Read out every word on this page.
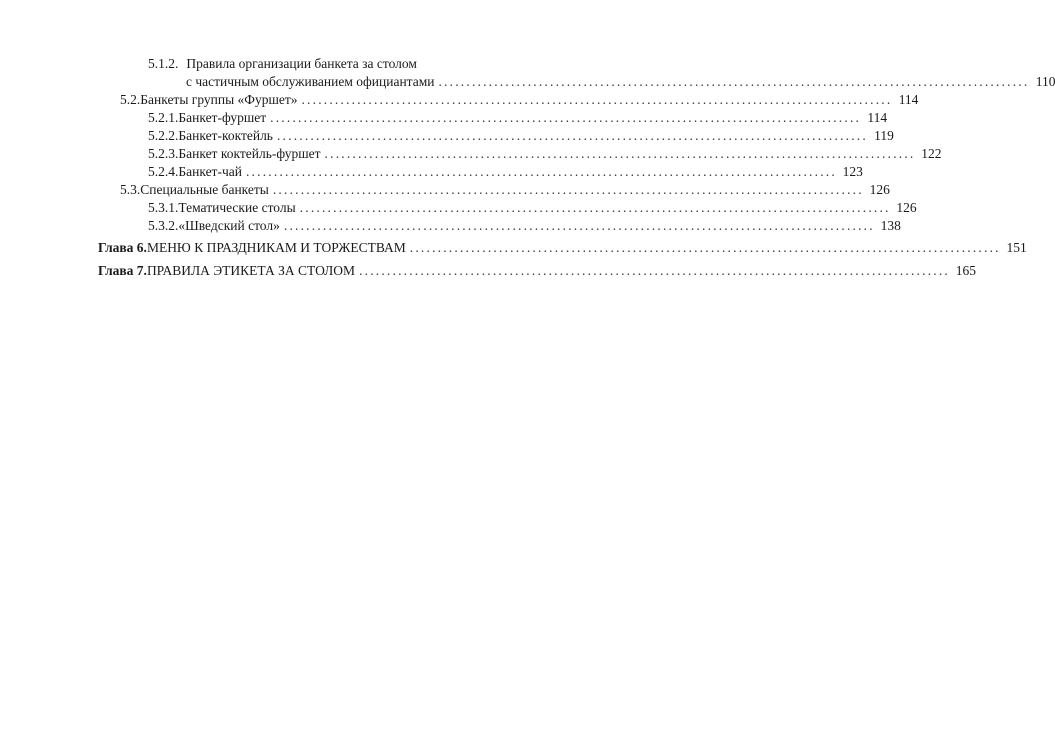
5.1.2. Правила организации банкета за столом
с частичным обслуживанием официантами .......................................................................................................... 110
5.2. Банкеты группы «Фуршет» .......................................................................................................... 114
5.2.1. Банкет-фуршет .......................................................................................................... 114
5.2.2. Банкет-коктейль .......................................................................................................... 119
5.2.3. Банкет коктейль-фуршет .......................................................................................................... 122
5.2.4. Банкет-чай .......................................................................................................... 123
5.3. Специальные банкеты .......................................................................................................... 126
5.3.1. Тематические столы .......................................................................................................... 126
5.3.2. «Шведский стол» .......................................................................................................... 138
Глава 6. МЕНЮ К ПРАЗДНИКАМ И ТОРЖЕСТВАМ .......................................................................................................... 151
Глава 7. ПРАВИЛА ЭТИКЕТА ЗА СТОЛОМ .......................................................................................................... 165
